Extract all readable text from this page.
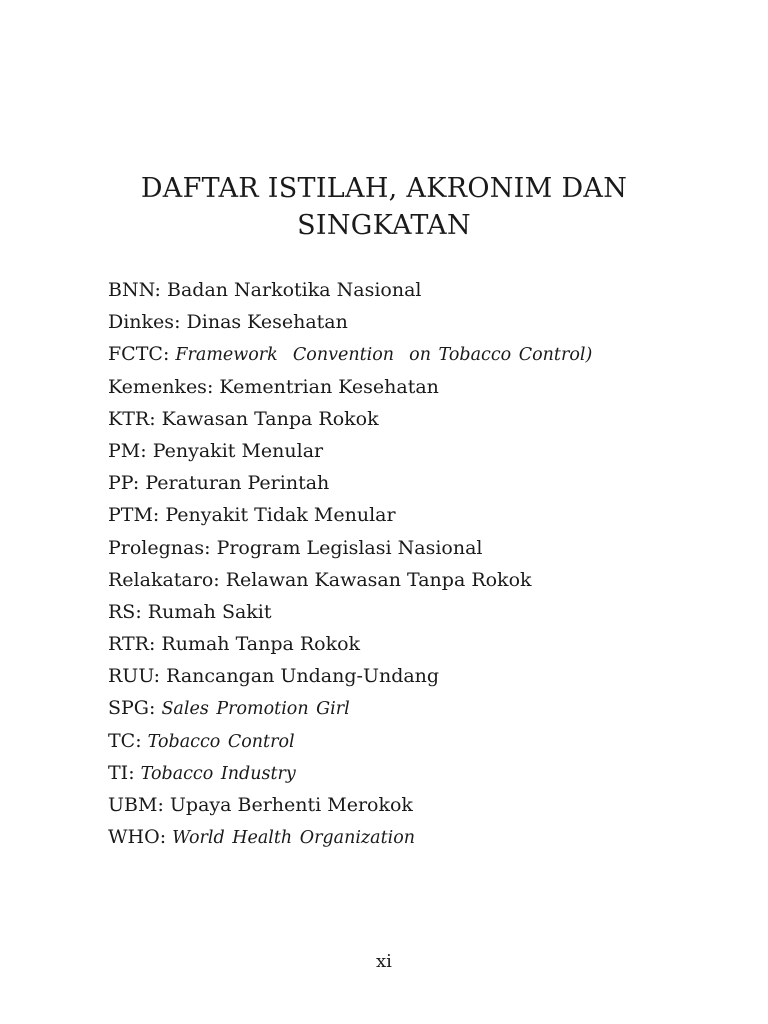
DAFTAR ISTILAH, AKRONIM DAN
SINGKATAN
BNN: Badan Narkotika Nasional
Dinkes: Dinas Kesehatan
FCTC: Framework  Convention  on Tobacco Control)
Kemenkes: Kementrian Kesehatan
KTR: Kawasan Tanpa Rokok
PM: Penyakit Menular
PP: Peraturan Perintah
PTM: Penyakit Tidak Menular
Prolegnas: Program Legislasi Nasional
Relakataro: Relawan Kawasan Tanpa Rokok
RS: Rumah Sakit
RTR: Rumah Tanpa Rokok
RUU: Rancangan Undang-Undang
SPG: Sales Promotion Girl
TC: Tobacco Control
TI: Tobacco Industry
UBM: Upaya Berhenti Merokok
WHO: World Health Organization
xi
